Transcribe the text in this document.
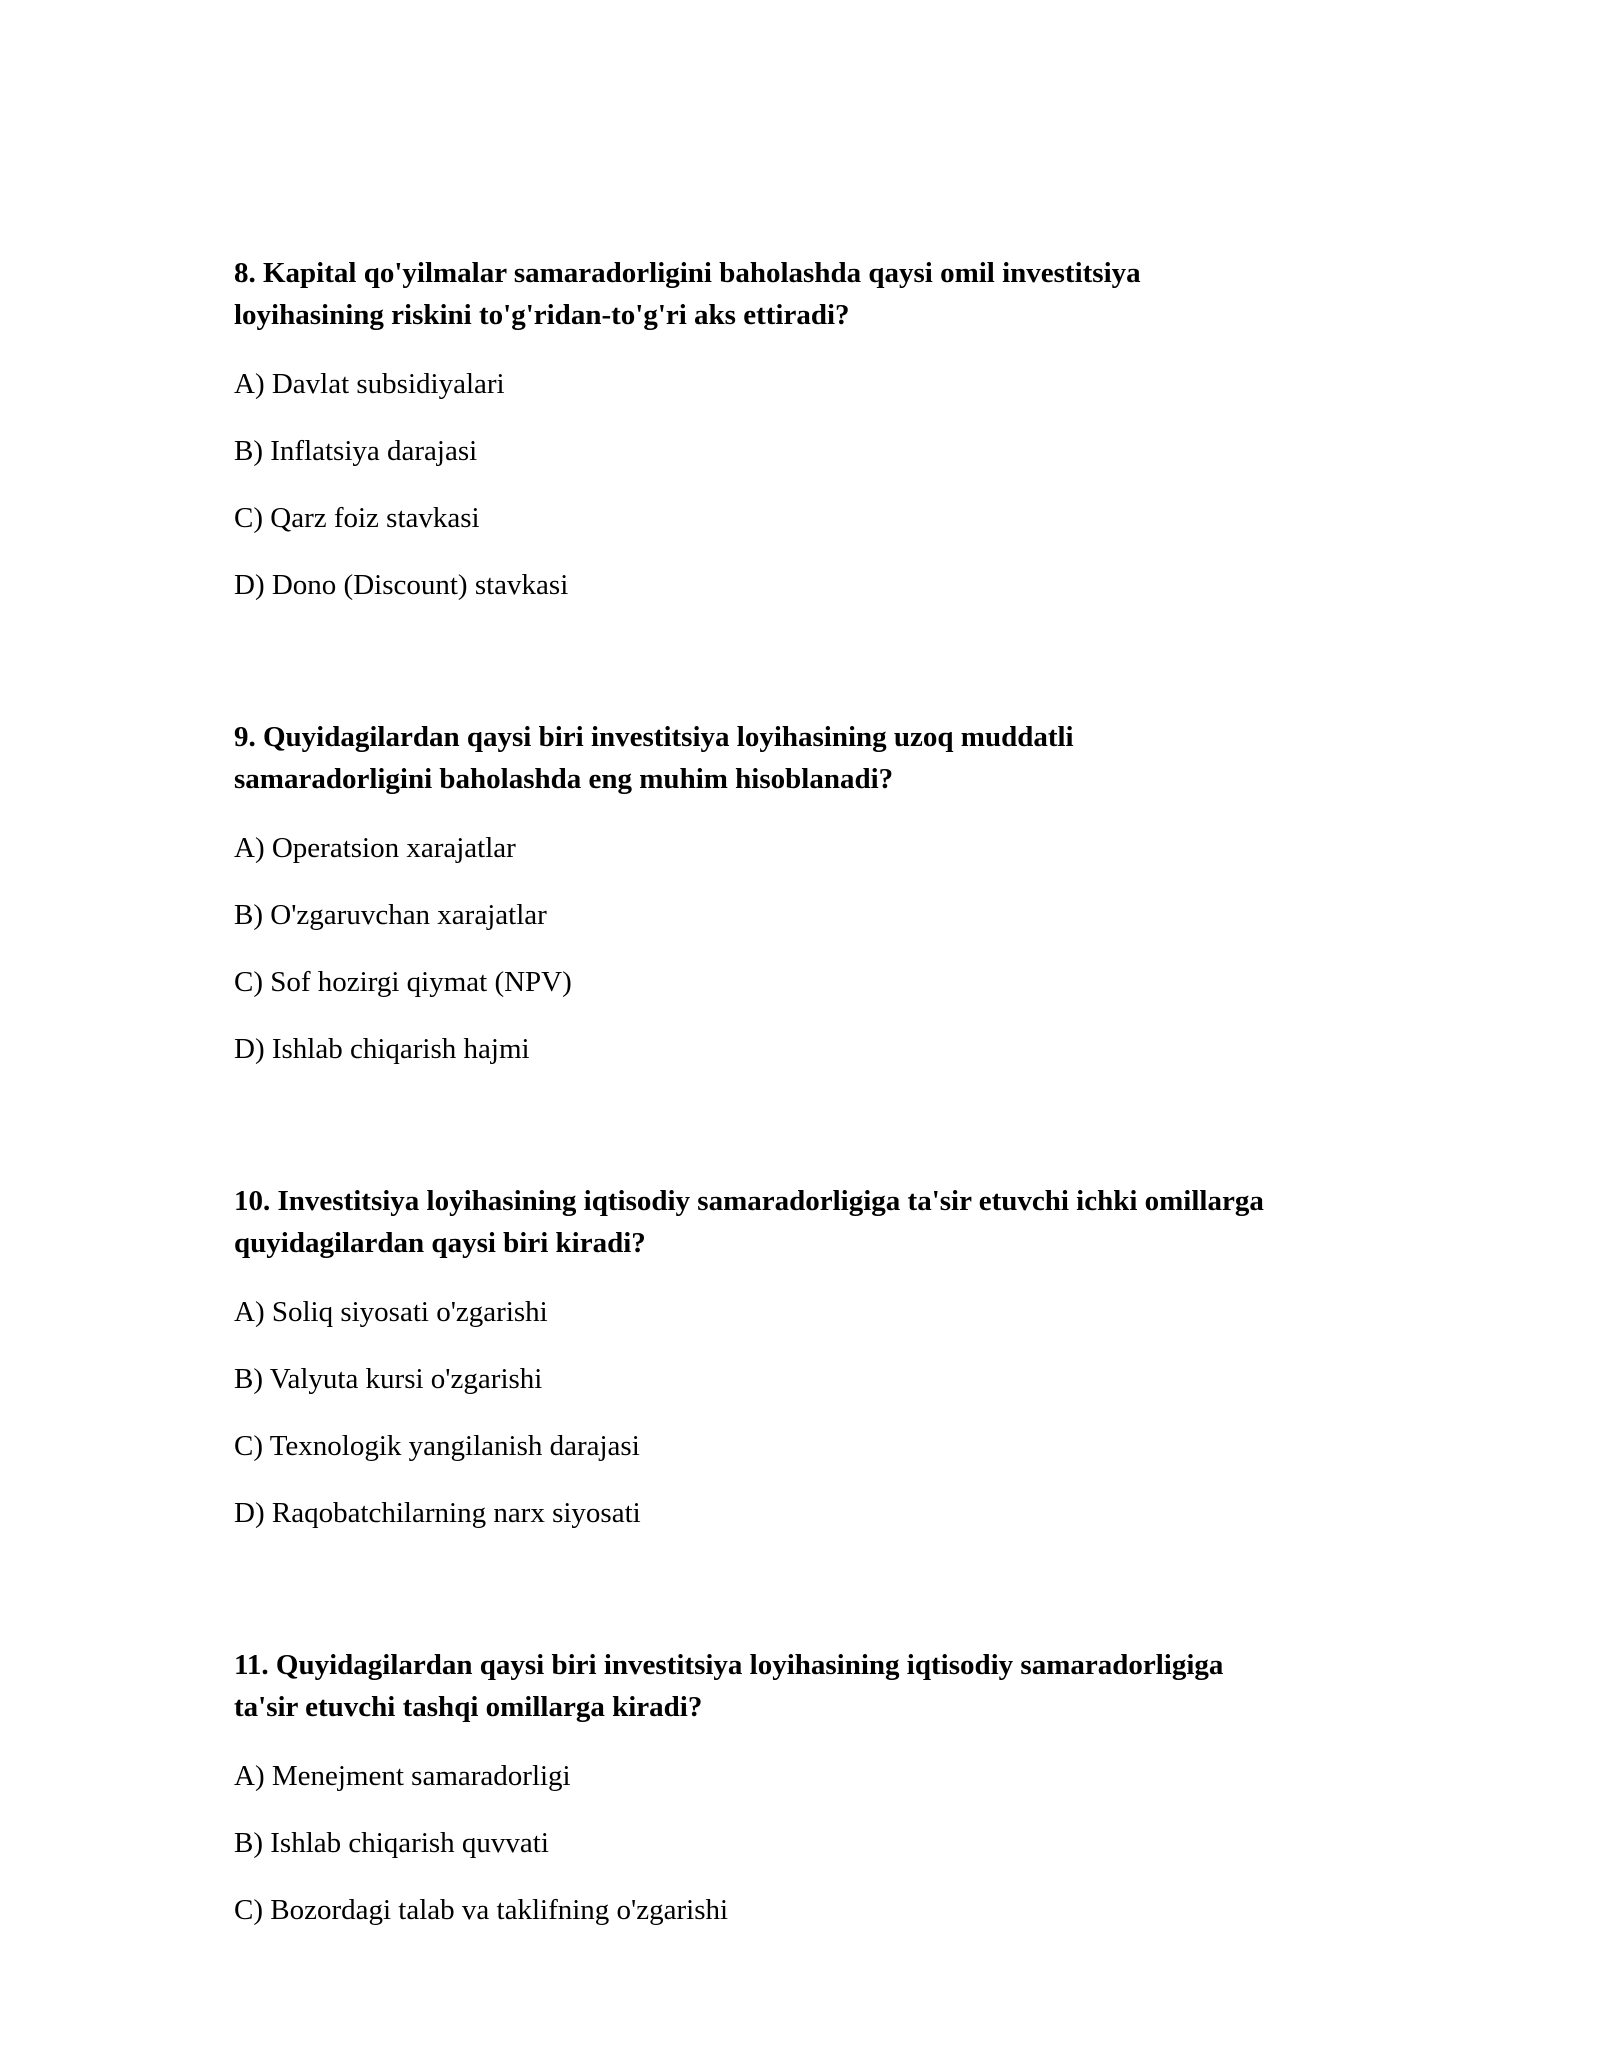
8. Kapital qo'yilmalar samaradorligini baholashda qaysi omil investitsiya
loyihasining riskini to'g'ridan-to'g'ri aks ettiradi?

A) Davlat subsidiyalari

B) Inflatsiya darajasi

C) Qarz foiz stavkasi

D) Dono (Discount) stavkasi

9. Quyidagilardan qaysi biri investitsiya loyihasining uzoq muddatli
samaradorligini baholashda eng muhim hisoblanadi?

A) Operatsion xarajatlar

B) O'zgaruvchan xarajatlar

C) Sof hozirgi qiymat (NPV)

D) Ishlab chiqarish hajmi

10. Investitsiya loyihasining iqtisodiy samaradorligiga ta'sir etuvchi ichki omillarga
quyidagilardan qaysi biri kiradi?

A) Soliq siyosati o'zgarishi

B) Valyuta kursi o'zgarishi

C) Texnologik yangilanish darajasi

D) Raqobatchilarning narx siyosati

11. Quyidagilardan qaysi biri investitsiya loyihasining iqtisodiy samaradorligiga
ta'sir etuvchi tashqi omillarga kiradi?

A) Menejment samaradorligi

B) Ishlab chiqarish quvvati

C) Bozordagi talab va taklifning o'zgarishi
